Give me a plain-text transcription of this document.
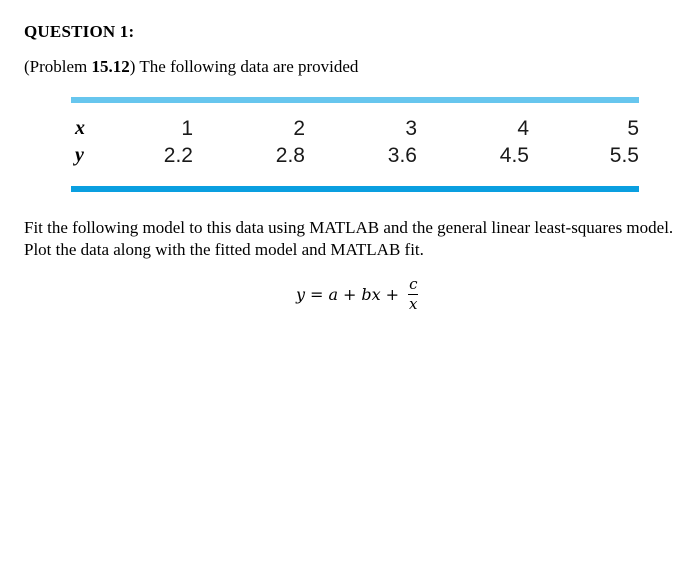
QUESTION 1:
(Problem 15.12) The following data are provided
x	1	2	3	4	5
y	2.2	2.8	3.6	4.5	5.5
Fit the following model to this data using MATLAB and the general linear least-squares model.
Plot the data along with the fitted model and MATLAB fit.
y = a + bx + $\frac{c}{x}$
